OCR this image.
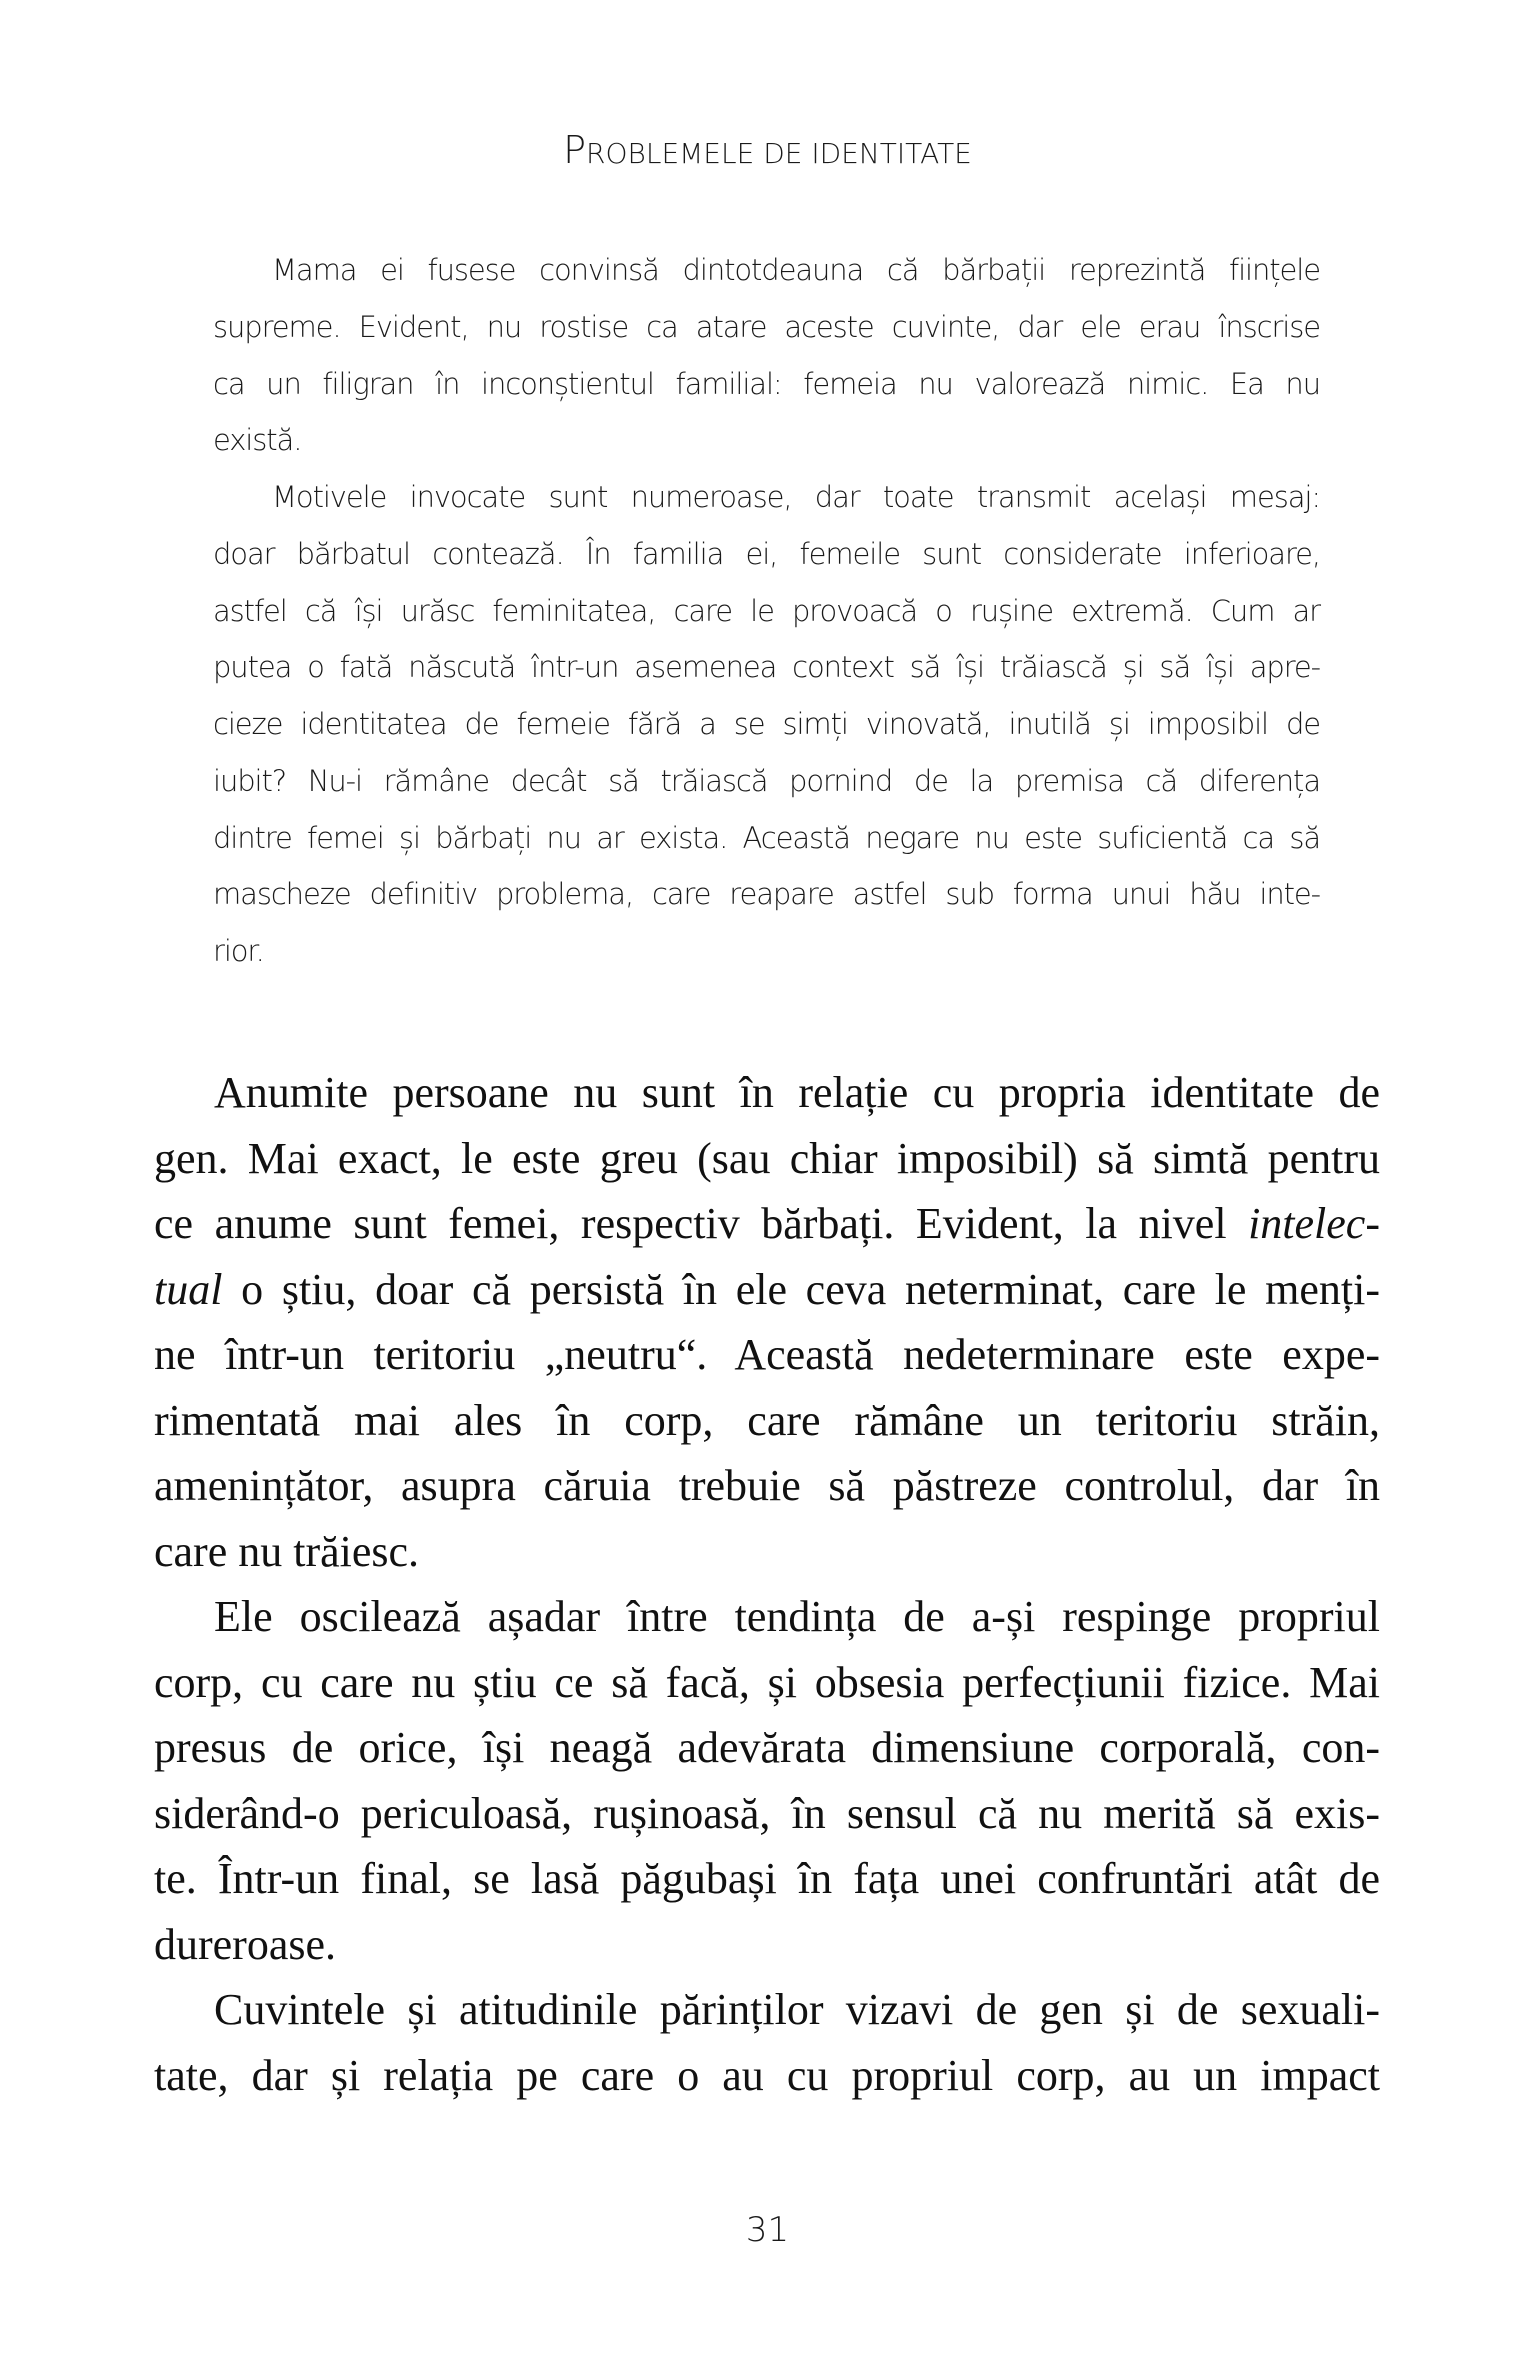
PROBLEMELE DE IDENTITATE
Mama ei fusese convinsă dintotdeauna că bărbații reprezintă ființele
supreme. Evident, nu rostise ca atare aceste cuvinte, dar ele erau înscrise
ca un filigran în inconștientul familial: femeia nu valorează nimic. Ea nu
există.
Motivele invocate sunt numeroase, dar toate transmit același mesaj:
doar bărbatul contează. În familia ei, femeile sunt considerate inferioare,
astfel că își urăsc feminitatea, care le provoacă o rușine extremă. Cum ar
putea o fată născută într-un asemenea context să își trăiască și să își apre-
cieze identitatea de femeie fără a se simți vinovată, inutilă și imposibil de
iubit? Nu-i rămâne decât să trăiască pornind de la premisa că diferența
dintre femei și bărbați nu ar exista. Această negare nu este suficientă ca să
mascheze definitiv problema, care reapare astfel sub forma unui hău inte-
rior.
Anumite persoane nu sunt în relație cu propria identitate de
gen. Mai exact, le este greu (sau chiar imposibil) să simtă pentru
ce anume sunt femei, respectiv bărbați. Evident, la nivel intelec-
tual o știu, doar că persistă în ele ceva neterminat, care le menți-
ne într-un teritoriu „neutru“. Această nedeterminare este expe-
rimentată mai ales în corp, care rămâne un teritoriu străin,
amenințător, asupra căruia trebuie să păstreze controlul, dar în
care nu trăiesc.
Ele oscilează așadar între tendința de a-și respinge propriul
corp, cu care nu știu ce să facă, și obsesia perfecțiunii fizice. Mai
presus de orice, își neagă adevărata dimensiune corporală, con-
siderând-o periculoasă, rușinoasă, în sensul că nu merită să exis-
te. Într-un final, se lasă păgubași în fața unei confruntări atât de
dureroase.
Cuvintele și atitudinile părinților vizavi de gen și de sexuali-
tate, dar și relația pe care o au cu propriul corp, au un impact
31
